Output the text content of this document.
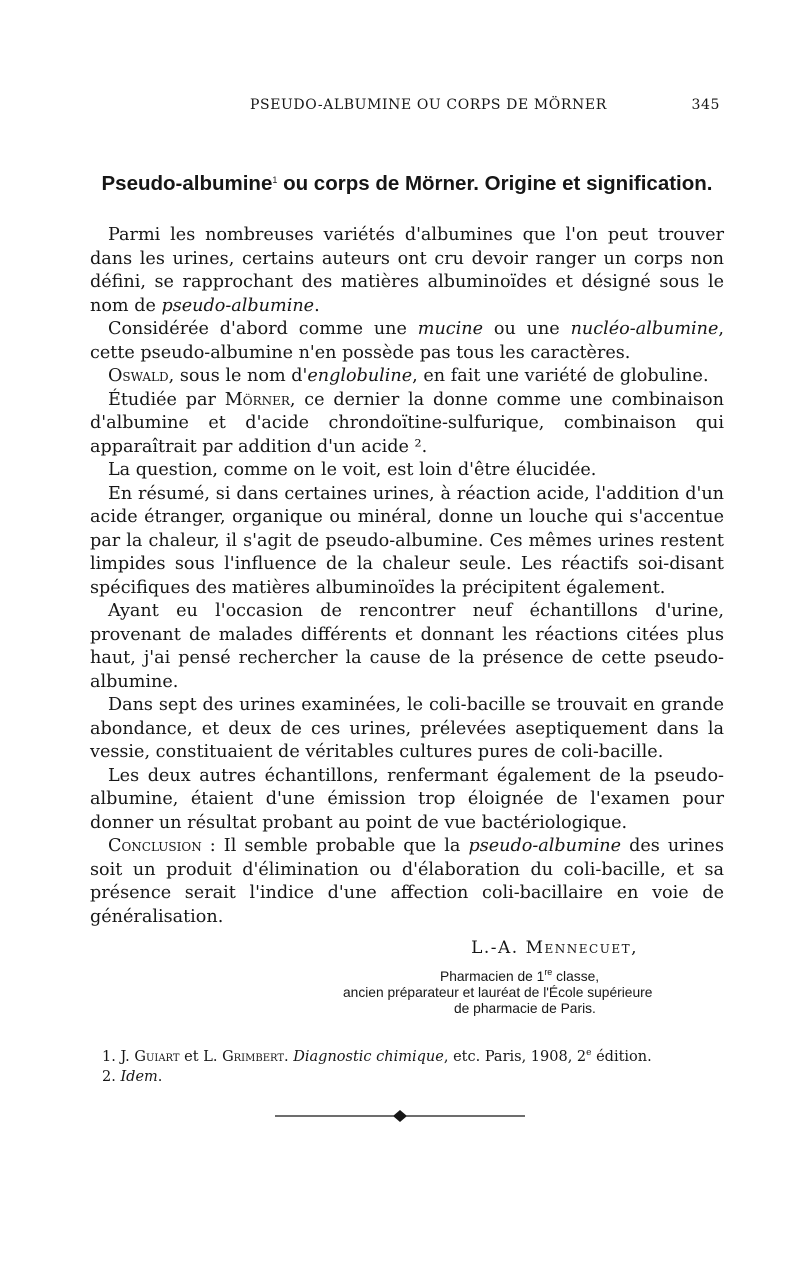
PSEUDO-ALBUMINE OU CORPS DE MÖRNER	345
Pseudo-albumine$^1$ ou corps de Mörner. Origine et signification.

Parmi les nombreuses variétés d'albumines que l'on peut trouver dans les urines, certains auteurs ont cru devoir ranger un corps non défini, se rapprochant des matières albuminoïdes et désigné sous le nom de pseudo-albumine.

Considérée d'abord comme une mucine ou une nucléo-albumine, cette pseudo-albumine n'en possède pas tous les caractères.

Oswald, sous le nom d'englobuline, en fait une variété de globuline.

Étudiée par Mörner, ce dernier la donne comme une combinaison d'albumine et d'acide chrondoïtine-sulfurique, combinaison qui apparaîtrait par addition d'un acide ².

La question, comme on le voit, est loin d'être élucidée.

En résumé, si dans certaines urines, à réaction acide, l'addition d'un acide étranger, organique ou minéral, donne un louche qui s'accentue par la chaleur, il s'agit de pseudo-albumine. Ces mêmes urines restent limpides sous l'influence de la chaleur seule. Les réactifs soi-disant spécifiques des matières albuminoïdes la précipitent également.

Ayant eu l'occasion de rencontrer neuf échantillons d'urine, provenant de malades différents et donnant les réactions citées plus haut, j'ai pensé rechercher la cause de la présence de cette pseudo-albumine.

Dans sept des urines examinées, le coli-bacille se trouvait en grande abondance, et deux de ces urines, prélevées aseptiquement dans la vessie, constituaient de véritables cultures pures de coli-bacille.

Les deux autres échantillons, renfermant également de la pseudo-albumine, étaient d'une émission trop éloignée de l'examen pour donner un résultat probant au point de vue bactériologique.

Conclusion : Il semble probable que la pseudo-albumine des urines soit un produit d'élimination ou d'élaboration du coli-bacille, et sa présence serait l'indice d'une affection coli-bacillaire en voie de généralisation.

L.-A. Mennecuet,
Pharmacien de 1re classe,
ancien préparateur et lauréat de l'École supérieure
de pharmacie de Paris.
1. J. Guiart et L. Grimbert. Diagnostic chimique, etc. Paris, 1908, 2e édition.
2. Idem.
